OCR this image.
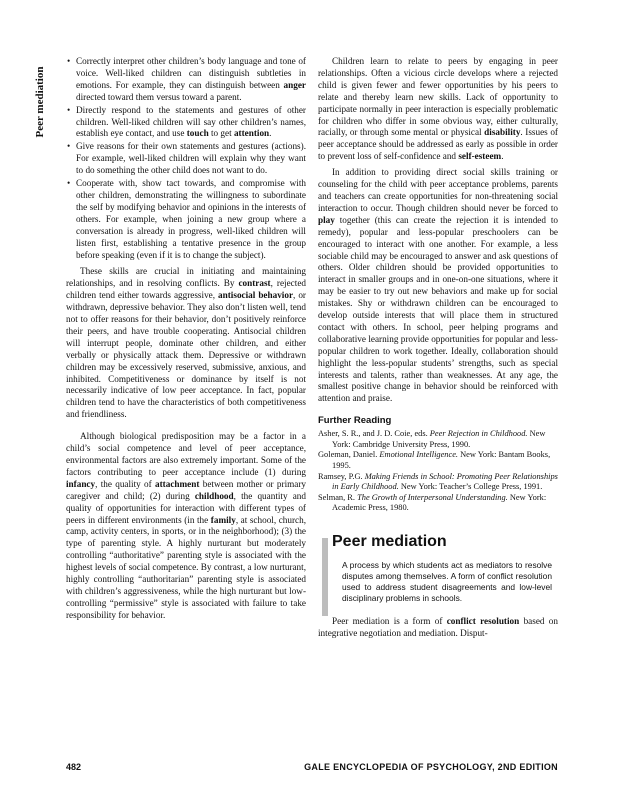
Peer mediation
• Correctly interpret other children’s body language and tone of voice. Well-liked children can distinguish subtleties in emotions. For example, they can distinguish between anger directed toward them versus toward a parent.
• Directly respond to the statements and gestures of other children. Well-liked children will say other children’s names, establish eye contact, and use touch to get attention.
• Give reasons for their own statements and gestures (actions). For example, well-liked children will explain why they want to do something the other child does not want to do.
• Cooperate with, show tact towards, and compromise with other children, demonstrating the willingness to subordinate the self by modifying behavior and opinions in the interests of others. For example, when joining a new group where a conversation is already in progress, well-liked children will listen first, establishing a tentative presence in the group before speaking (even if it is to change the subject).

These skills are crucial in initiating and maintaining relationships, and in resolving conflicts. By contrast, rejected children tend either towards aggressive, antisocial behavior, or withdrawn, depressive behavior. They also don’t listen well, tend not to offer reasons for their behavior, don’t positively reinforce their peers, and have trouble cooperating. Antisocial children will interrupt people, dominate other children, and either verbally or physically attack them. Depressive or withdrawn children may be excessively reserved, submissive, anxious, and inhibited. Competitiveness or dominance by itself is not necessarily indicative of low peer acceptance. In fact, popular children tend to have the characteristics of both competitiveness and friendliness.

Although biological predisposition may be a factor in a child’s social competence and level of peer acceptance, environmental factors are also extremely important. Some of the factors contributing to peer acceptance include (1) during infancy, the quality of attachment between mother or primary caregiver and child; (2) during childhood, the quantity and quality of opportunities for interaction with different types of peers in different environments (in the family, at school, church, camp, activity centers, in sports, or in the neighborhood); (3) the type of parenting style. A highly nurturant but moderately controlling “authoritative” parenting style is associated with the highest levels of social competence. By contrast, a low nurturant, highly controlling “authoritarian” parenting style is associated with children’s aggressiveness, while the high nurturant but low-controlling “permissive” style is associated with failure to take responsibility for behavior.

Children learn to relate to peers by engaging in peer relationships. Often a vicious circle develops where a rejected child is given fewer and fewer opportunities by his peers to relate and thereby learn new skills. Lack of opportunity to participate normally in peer interaction is especially problematic for children who differ in some obvious way, either culturally, racially, or through some mental or physical disability. Issues of peer acceptance should be addressed as early as possible in order to prevent loss of self-confidence and self-esteem.

In addition to providing direct social skills training or counseling for the child with peer acceptance problems, parents and teachers can create opportunities for non-threatening social interaction to occur. Though children should never be forced to play together (this can create the rejection it is intended to remedy), popular and less-popular preschoolers can be encouraged to interact with one another. For example, a less sociable child may be encouraged to answer and ask questions of others. Older children should be provided opportunities to interact in smaller groups and in one-on-one situations, where it may be easier to try out new behaviors and make up for social mistakes. Shy or withdrawn children can be encouraged to develop outside interests that will place them in structured contact with others. In school, peer helping programs and collaborative learning provide opportunities for popular and less-popular children to work together. Ideally, collaboration should highlight the less-popular students’ strengths, such as special interests and talents, rather than weaknesses. At any age, the smallest positive change in behavior should be reinforced with attention and praise.

Further Reading

Asher, S. R., and J. D. Coie, eds. Peer Rejection in Childhood. New York: Cambridge University Press, 1990.

Goleman, Daniel. Emotional Intelligence. New York: Bantam Books, 1995.

Ramsey, P.G. Making Friends in School: Promoting Peer Relationships in Early Childhood. New York: Teacher’s College Press, 1991.

Selman, R. The Growth of Interpersonal Understanding. New York: Academic Press, 1980.

Peer mediation

A process by which students act as mediators to resolve disputes among themselves. A form of conflict resolution used to address student disagreements and low-level disciplinary problems in schools.

Peer mediation is a form of conflict resolution based on integrative negotiation and mediation. Disput-

482	GALE ENCYCLOPEDIA OF PSYCHOLOGY, 2ND EDITION
